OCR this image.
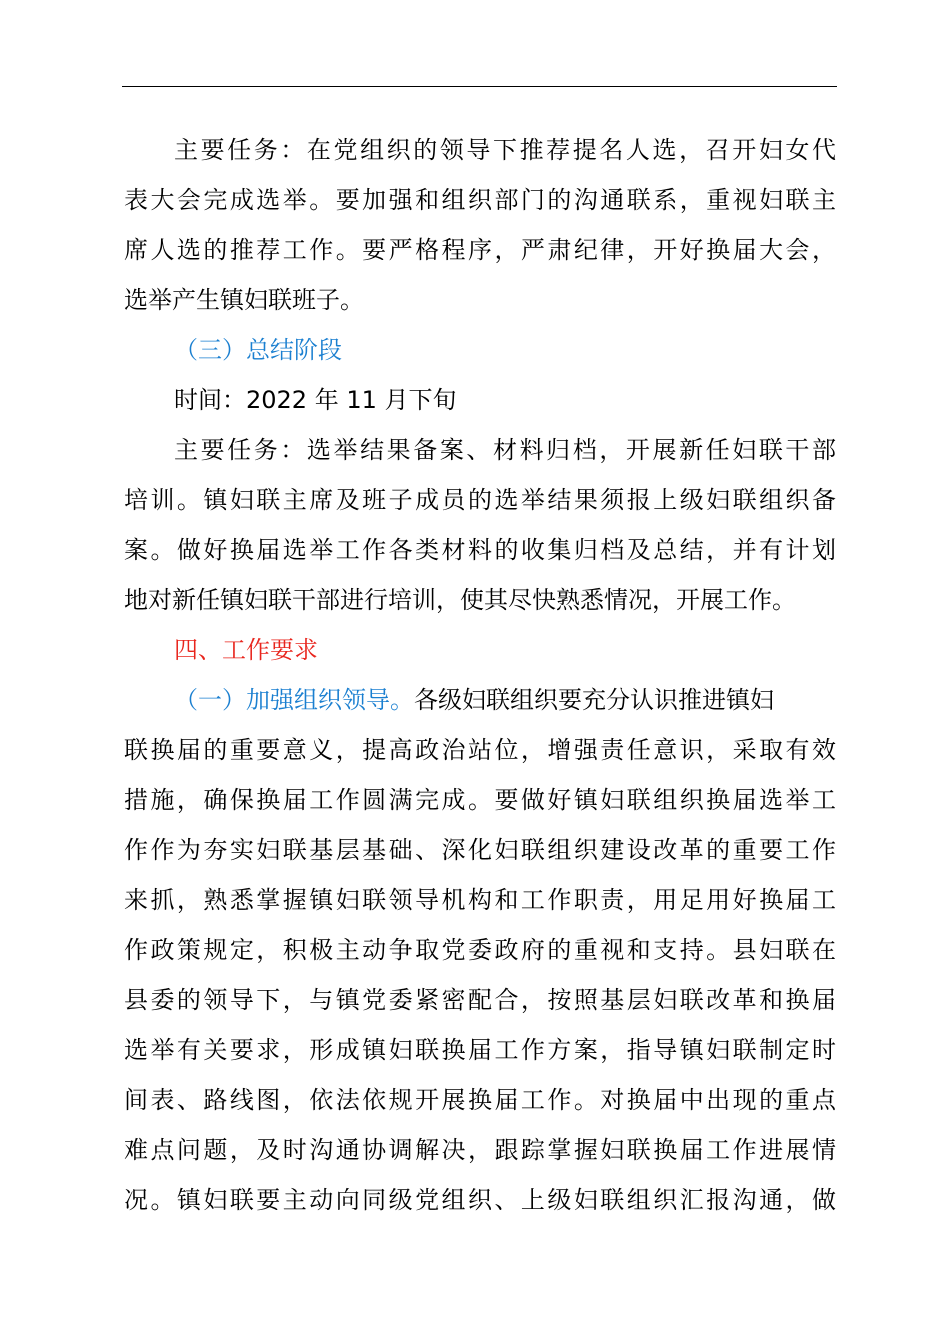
主要任务：在党组织的领导下推荐提名人选，召开妇女代
表大会完成选举。要加强和组织部门的沟通联系，重视妇联主
席人选的推荐工作。要严格程序，严肃纪律，开好换届大会，
选举产生镇妇联班子。
（三）总结阶段
时间：2022 年 11 月下旬
主要任务：选举结果备案、材料归档，开展新任妇联干部
培训。镇妇联主席及班子成员的选举结果须报上级妇联组织备
案。做好换届选举工作各类材料的收集归档及总结，并有计划
地对新任镇妇联干部进行培训，使其尽快熟悉情况，开展工作。
四、工作要求
（一）加强组织领导。各级妇联组织要充分认识推进镇妇
联换届的重要意义，提高政治站位，增强责任意识，采取有效
措施，确保换届工作圆满完成。要做好镇妇联组织换届选举工
作作为夯实妇联基层基础、深化妇联组织建设改革的重要工作
来抓，熟悉掌握镇妇联领导机构和工作职责，用足用好换届工
作政策规定，积极主动争取党委政府的重视和支持。县妇联在
县委的领导下，与镇党委紧密配合，按照基层妇联改革和换届
选举有关要求，形成镇妇联换届工作方案，指导镇妇联制定时
间表、路线图，依法依规开展换届工作。对换届中出现的重点
难点问题，及时沟通协调解决，跟踪掌握妇联换届工作进展情
况。镇妇联要主动向同级党组织、上级妇联组织汇报沟通，做
